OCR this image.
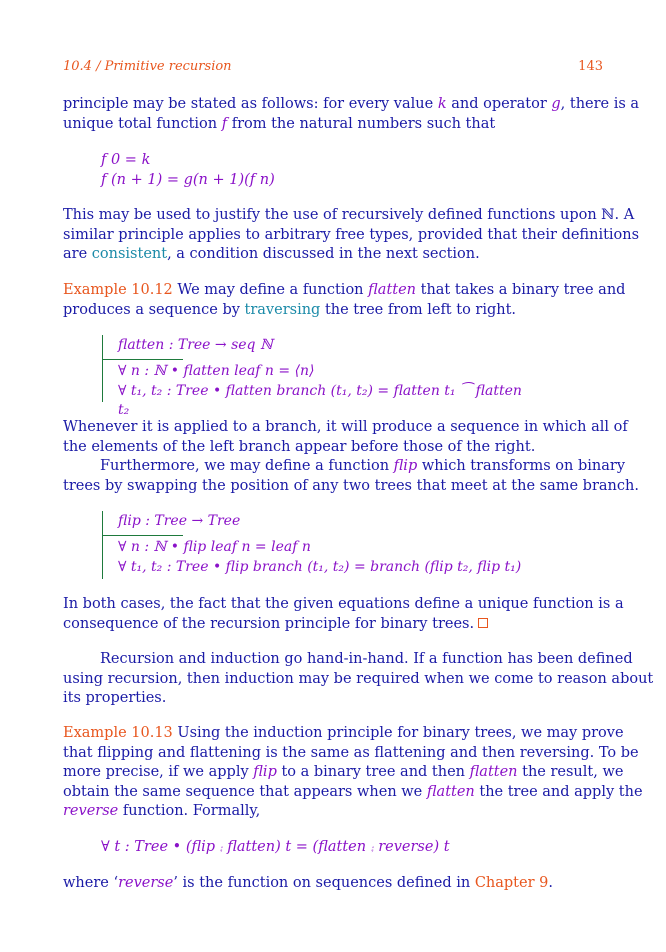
10.4 / Primitive recursion	143
principle may be stated as follows: for every value k and operator g, there is a
unique total function f from the natural numbers such that
f 0 = k
f (n + 1) = g(n + 1)(f n)
This may be used to justify the use of recursively defined functions upon ℕ. A
similar principle applies to arbitrary free types, provided that their definitions
are consistent, a condition discussed in the next section.
Example 10.12 We may define a function flatten that takes a binary tree and
produces a sequence by traversing the tree from left to right.
flatten : Tree → seq ℕ
∀ n : ℕ • flatten leaf n = ⟨n⟩
∀ t₁, t₂ : Tree • flatten branch (t₁, t₂) = flatten t₁ ⁀ flatten t₂
Whenever it is applied to a branch, it will produce a sequence in which all of
the elements of the left branch appear before those of the right.
Furthermore, we may define a function flip which transforms on binary
trees by swapping the position of any two trees that meet at the same branch.
flip : Tree → Tree
∀ n : ℕ • flip leaf n = leaf n
∀ t₁, t₂ : Tree • flip branch (t₁, t₂) = branch (flip t₂, flip t₁)
In both cases, the fact that the given equations define a unique function is a
consequence of the recursion principle for binary trees.
Recursion and induction go hand-in-hand. If a function has been defined
using recursion, then induction may be required when we come to reason about
its properties.
Example 10.13 Using the induction principle for binary trees, we may prove
that flipping and flattening is the same as flattening and then reversing. To be
more precise, if we apply flip to a binary tree and then flatten the result, we
obtain the same sequence that appears when we flatten the tree and apply the
reverse function. Formally,
∀ t : Tree • (flip ⨾ flatten) t = (flatten ⨾ reverse) t
where ‘reverse’ is the function on sequences defined in Chapter 9.
